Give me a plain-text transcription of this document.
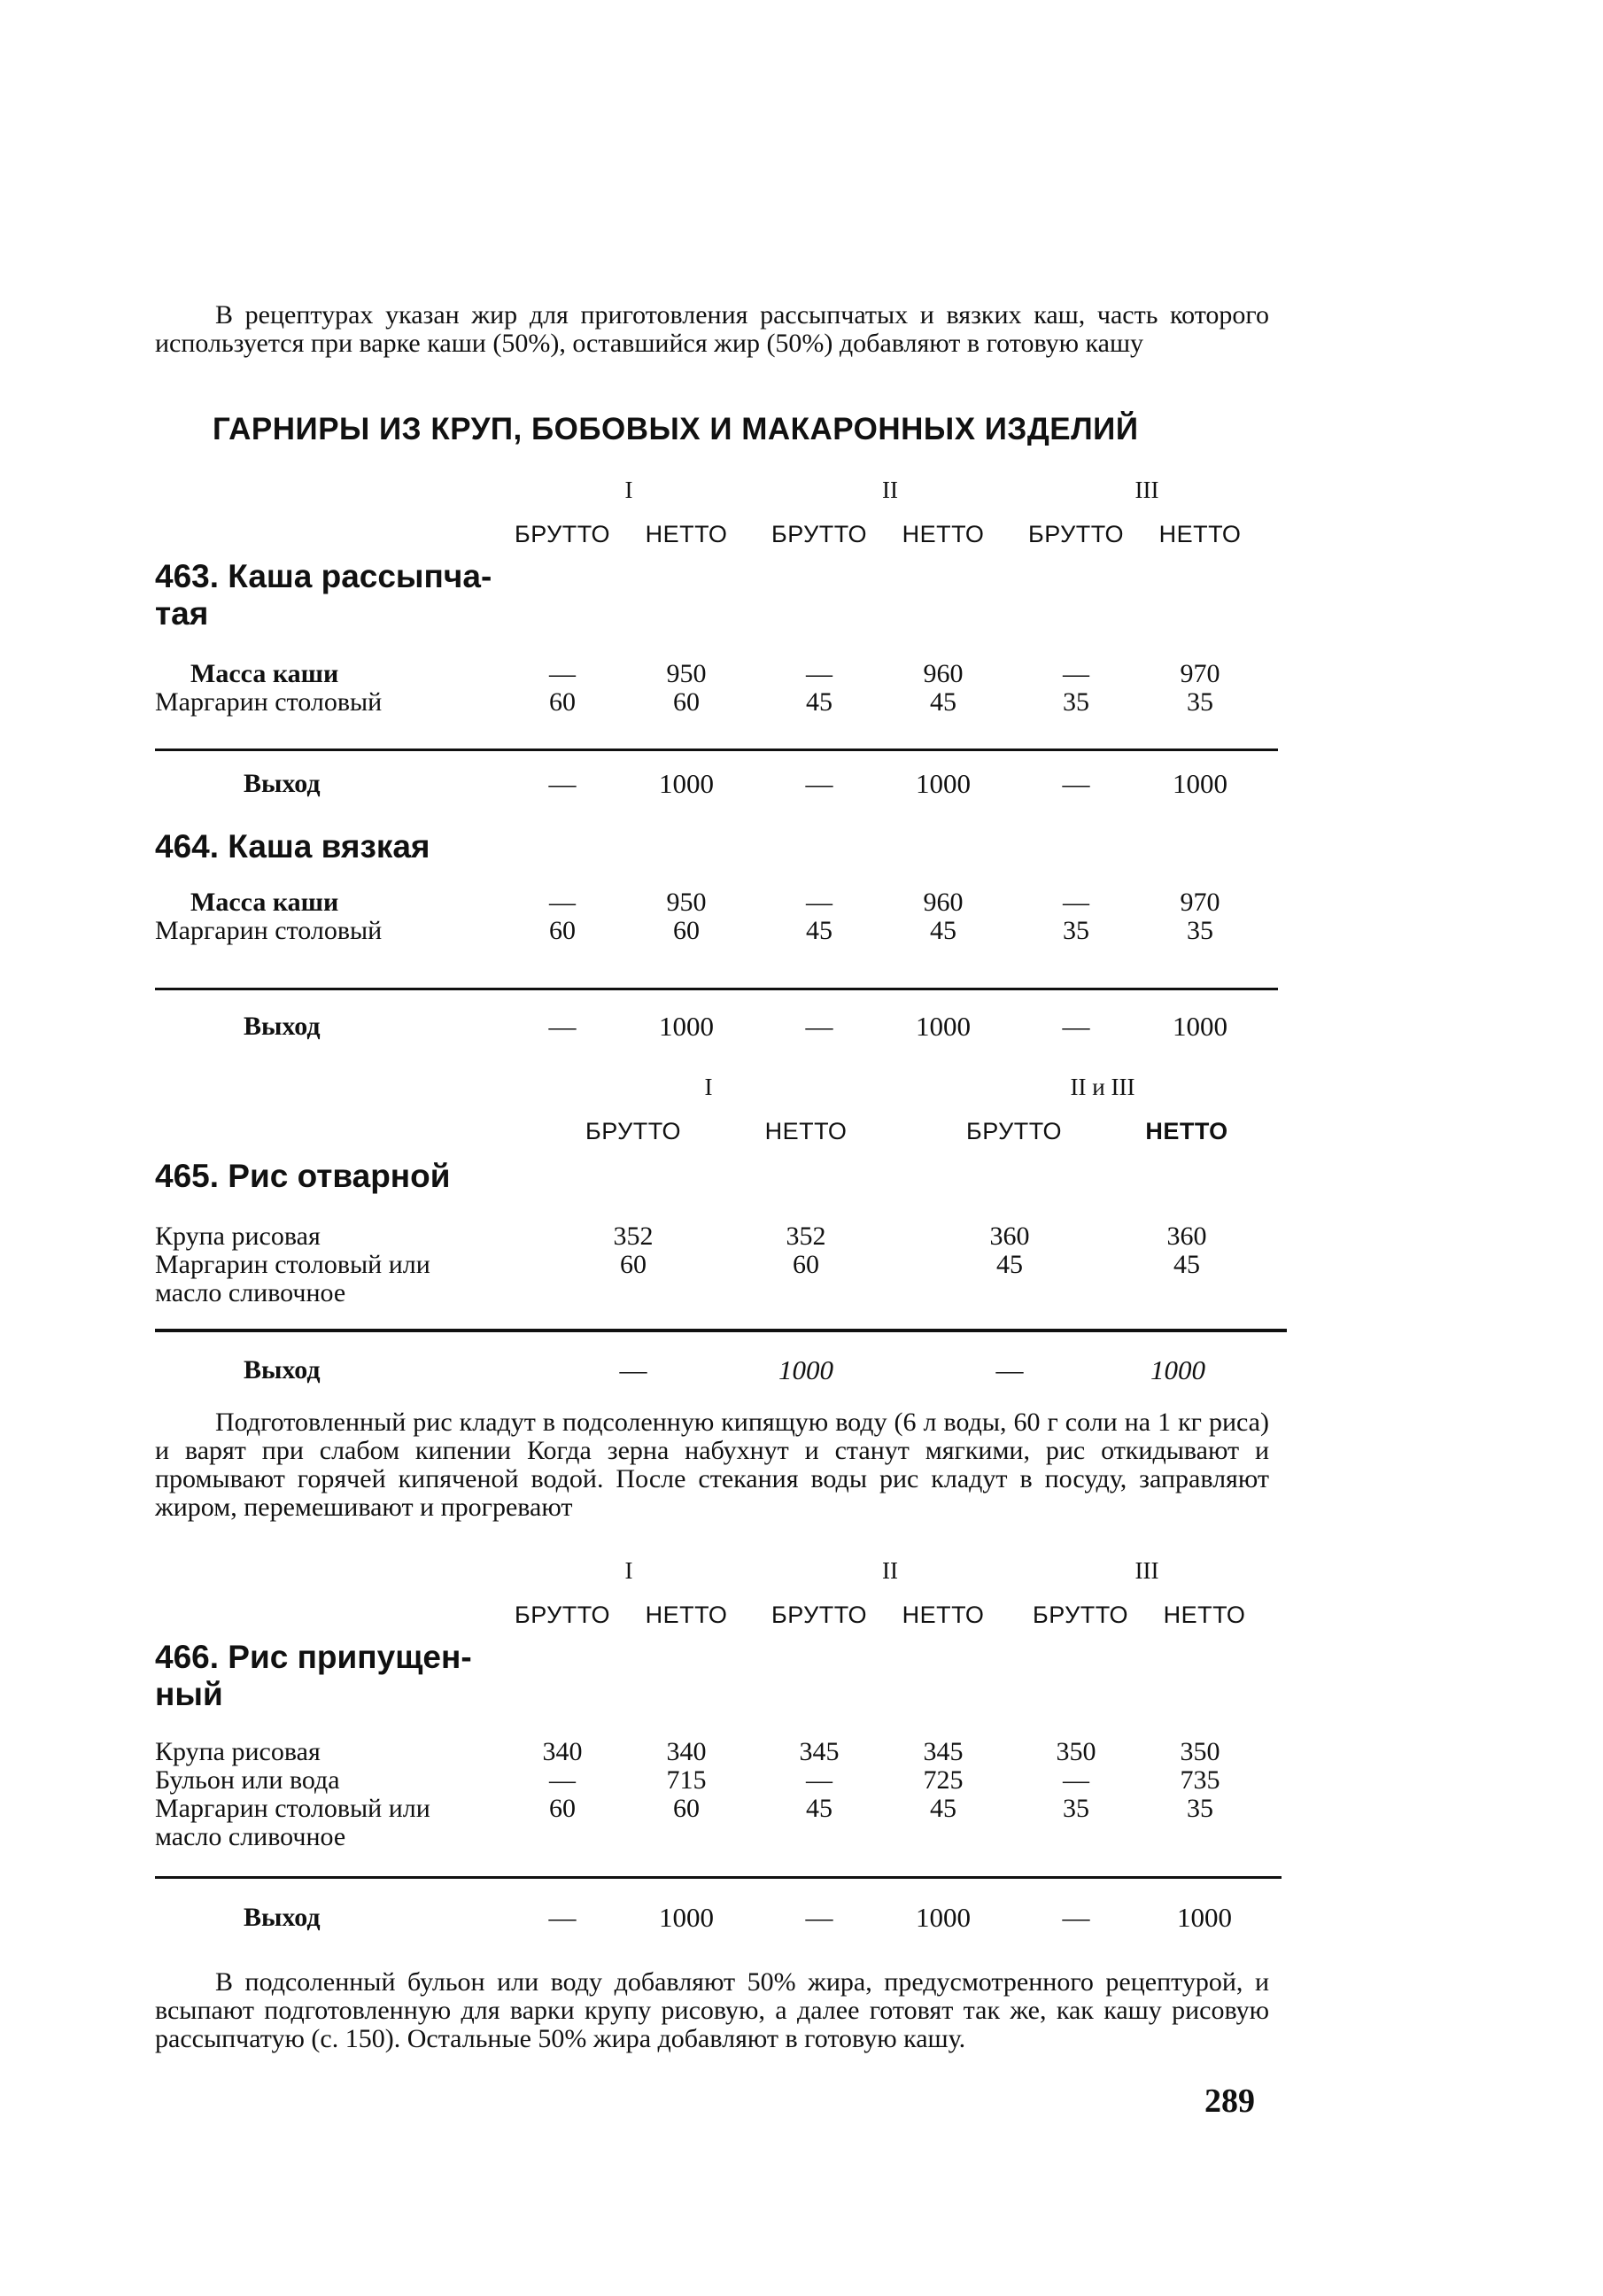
В рецептурах указан жир для приготовления рассыпчатых и вязких каш, часть которого используется при варке каши (50%), оставшийся жир (50%) добавляют в готовую кашу
ГАРНИРЫ ИЗ КРУП, БОБОВЫХ И МАКАРОННЫХ ИЗДЕЛИЙ
I	II	III
БРУТТО	НЕТТО	БРУТТО	НЕТТО	БРУТТО	НЕТТО
463. Каша рассыпча-
тая
Масса каши	—	950	—	960	—	970
Маргарин столовый	60	60	45	45	35	35
Выход	—	1000	—	1000	—	1000
464. Каша вязкая
Масса каши	—	950	—	960	—	970
Маргарин столовый	60	60	45	45	35	35
Выход	—	1000	—	1000	—	1000
I	II и III
БРУТТО	НЕТТО	БРУТТО	НЕТТО
465. Рис отварной
Крупа рисовая	352	352	360	360
Маргарин столовый или	60	60	45	45
масло сливочное
Выход	—	1000	—	1000
Подготовленный рис кладут в подсоленную кипящую воду (6 л воды, 60 г соли на 1 кг риса) и варят при слабом кипении Когда зерна набухнут и станут мягкими, рис откидывают и промывают горячей кипяченой водой. После стекания воды рис кладут в посуду, заправляют жиром, перемешивают и прогревают
I	II	III
БРУТТО	НЕТТО	БРУТТО	НЕТТО	БРУТТО	НЕТТО
466. Рис припущен-
ный
Крупа рисовая	340	340	345	345	350	350
Бульон или вода	—	715	—	725	—	735
Маргарин столовый или	60	60	45	45	35	35
масло сливочное
Выход	—	1000	—	1000	—	1000
В подсоленный бульон или воду добавляют 50% жира, предусмотренного рецептурой, и всыпают подготовленную для варки крупу рисовую, а далее готовят так же, как кашу рисовую рассыпчатую (с. 150). Остальные 50% жира добавляют в готовую кашу.
289
